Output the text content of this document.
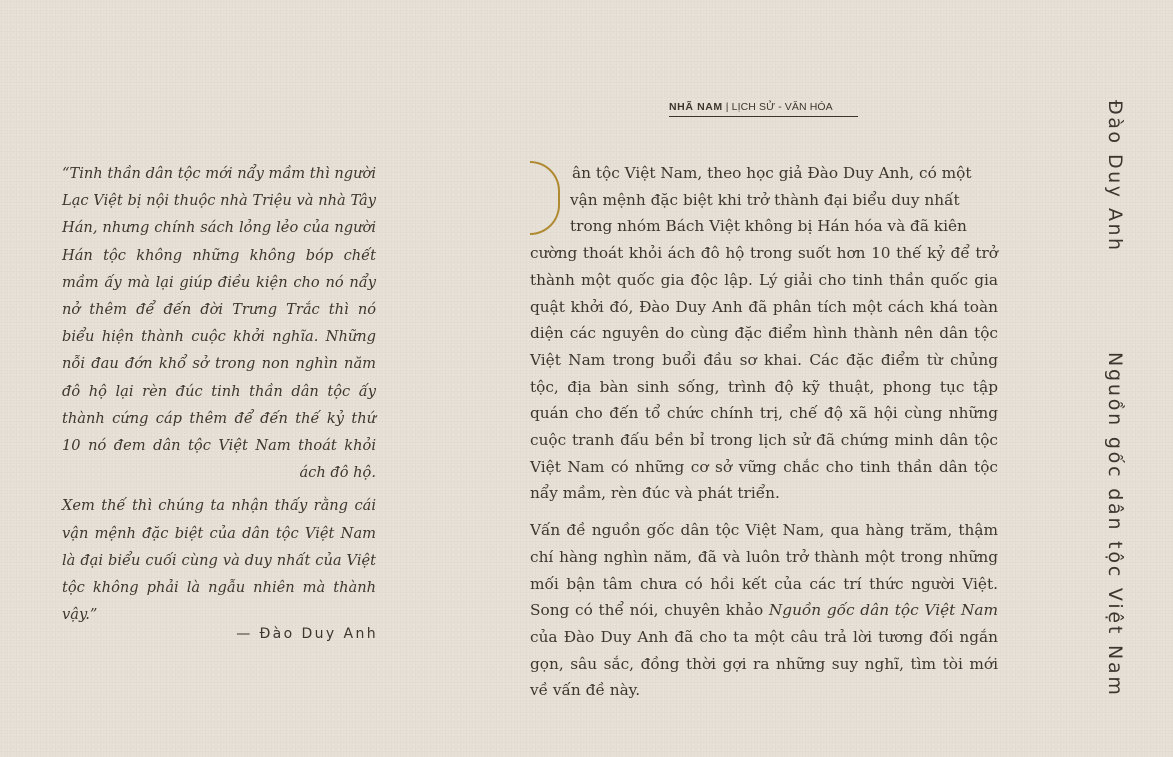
NHÃ NAM | LỊCH SỬ - VĂN HÓA

“Tinh thần dân tộc mới nẩy mầm thì người Lạc Việt bị nội thuộc nhà Triệu và nhà Tây Hán, nhưng chính sách lỏng lẻo của người Hán tộc không những không bóp chết mầm ấy mà lại giúp điều kiện cho nó nẩy nở thêm để đến đời Trưng Trắc thì nó biểu hiện thành cuộc khởi nghĩa. Những nỗi đau đớn khổ sở trong non nghìn năm đô hộ lại rèn đúc tinh thần dân tộc ấy thành cứng cáp thêm để đến thế kỷ thứ 10 nó đem dân tộc Việt Nam thoát khỏi ách đô hộ.

Xem thế thì chúng ta nhận thấy rằng cái vận mệnh đặc biệt của dân tộc Việt Nam là đại biểu cuối cùng và duy nhất của Việt tộc không phải là ngẫu nhiên mà thành vậy.”

— Đào Duy Anh

ân tộc Việt Nam, theo học giả Đào Duy Anh, có một
vận mệnh đặc biệt khi trở thành đại biểu duy nhất
trong nhóm Bách Việt không bị Hán hóa và đã kiên

cường thoát khỏi ách đô hộ trong suốt hơn 10 thế kỷ để trở thành một quốc gia độc lập. Lý giải cho tinh thần quốc gia quật khởi đó, Đào Duy Anh đã phân tích một cách khá toàn diện các nguyên do cùng đặc điểm hình thành nên dân tộc Việt Nam trong buổi đầu sơ khai. Các đặc điểm từ chủng tộc, địa bàn sinh sống, trình độ kỹ thuật, phong tục tập quán cho đến tổ chức chính trị, chế độ xã hội cùng những cuộc tranh đấu bền bỉ trong lịch sử đã chứng minh dân tộc Việt Nam có những cơ sở vững chắc cho tinh thần dân tộc nẩy mầm, rèn đúc và phát triển.

Vấn đề nguồn gốc dân tộc Việt Nam, qua hàng trăm, thậm chí hàng nghìn năm, đã và luôn trở thành một trong những mối bận tâm chưa có hồi kết của các trí thức người Việt. Song có thể nói, chuyên khảo Nguồn gốc dân tộc Việt Nam của Đào Duy Anh đã cho ta một câu trả lời tương đối ngắn gọn, sâu sắc, đồng thời gợi ra những suy nghĩ, tìm tòi mới về vấn đề này.

Đào Duy Anh
Nguồn gốc dân tộc Việt Nam
